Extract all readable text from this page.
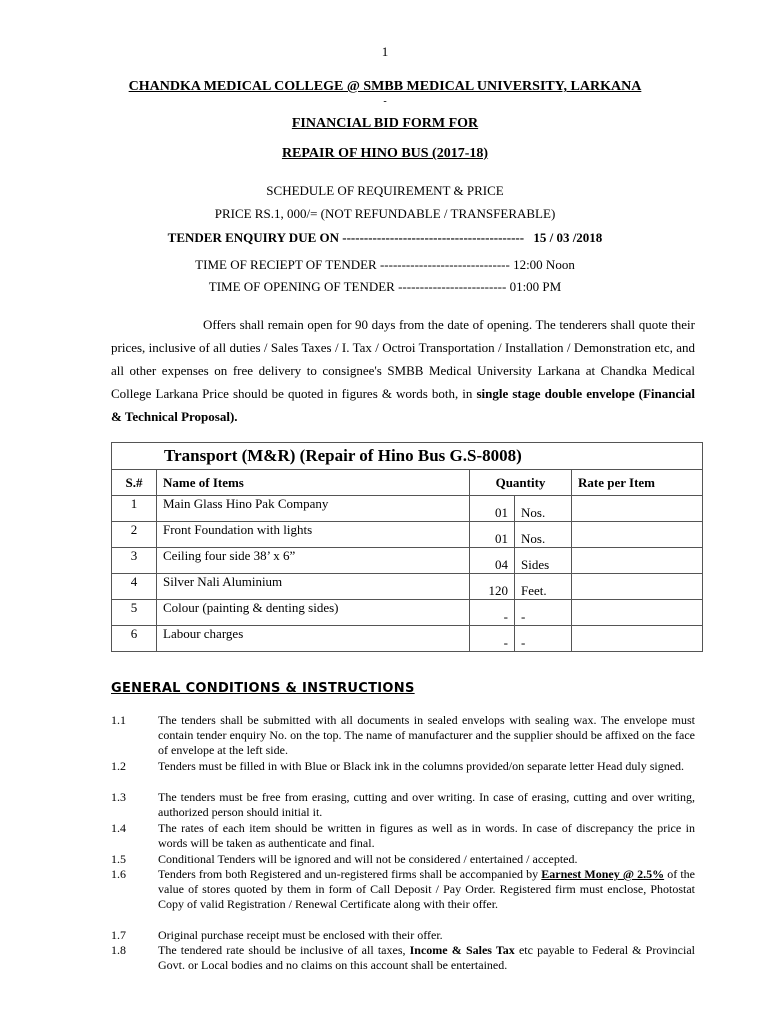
1
CHANDKA MEDICAL COLLEGE @ SMBB MEDICAL UNIVERSITY, LARKANA
-
FINANCIAL BID FORM FOR
REPAIR OF HINO BUS (2017-18)
SCHEDULE OF REQUIREMENT & PRICE
PRICE RS.1, 000/= (NOT REFUNDABLE / TRANSFERABLE)
TENDER ENQUIRY DUE ON ------------------------------------------ 15 / 03 /2018
TIME OF RECIEPT OF TENDER ------------------------------ 12:00 Noon
TIME OF OPENING OF TENDER ------------------------- 01:00 PM
Offers shall remain open for 90 days from the date of opening. The tenderers shall quote their prices, inclusive of all duties / Sales Taxes / I. Tax / Octroi Transportation / Installation / Demonstration etc, and all other expenses on free delivery to consignee's SMBB Medical University Larkana at Chandka Medical College Larkana Price should be quoted in figures & words both, in single stage double envelope (Financial & Technical Proposal).
Transport (M&R) (Repair of Hino Bus G.S-8008)				
S.#	Name of Items	Quantity		Rate per Item
1	Main Glass Hino Pak Company	01	Nos.	
2	Front Foundation with lights	01	Nos.	
3	Ceiling four side 38’ x 6”	04	Sides	
4	Silver Nali Aluminium	120	Feet.	
5	Colour (painting & denting sides)	-	-	
6	Labour charges	-	-	
GENERAL CONDITIONS & INSTRUCTIONS
1.1	The tenders shall be submitted with all documents in sealed envelops with sealing wax. The envelope must contain tender enquiry No. on the top. The name of manufacturer and the supplier should be affixed on the face of envelope at the left side.
1.2	Tenders must be filled in with Blue or Black ink in the columns provided/on separate letter Head duly signed.
1.3	The tenders must be free from erasing, cutting and over writing. In case of erasing, cutting and over writing, authorized person should initial it.
1.4	The rates of each item should be written in figures as well as in words. In case of discrepancy the price in words will be taken as authenticate and final.
1.5	Conditional Tenders will be ignored and will not be considered / entertained / accepted.
1.6	Tenders from both Registered and un-registered firms shall be accompanied by Earnest Money @ 2.5% of the value of stores quoted by them in form of Call Deposit / Pay Order. Registered firm must enclose, Photostat Copy of valid Registration / Renewal Certificate along with their offer.
1.7	Original purchase receipt must be enclosed with their offer.
1.8	The tendered rate should be inclusive of all taxes, Income & Sales Tax etc payable to Federal & Provincial Govt. or Local bodies and no claims on this account shall be entertained.
